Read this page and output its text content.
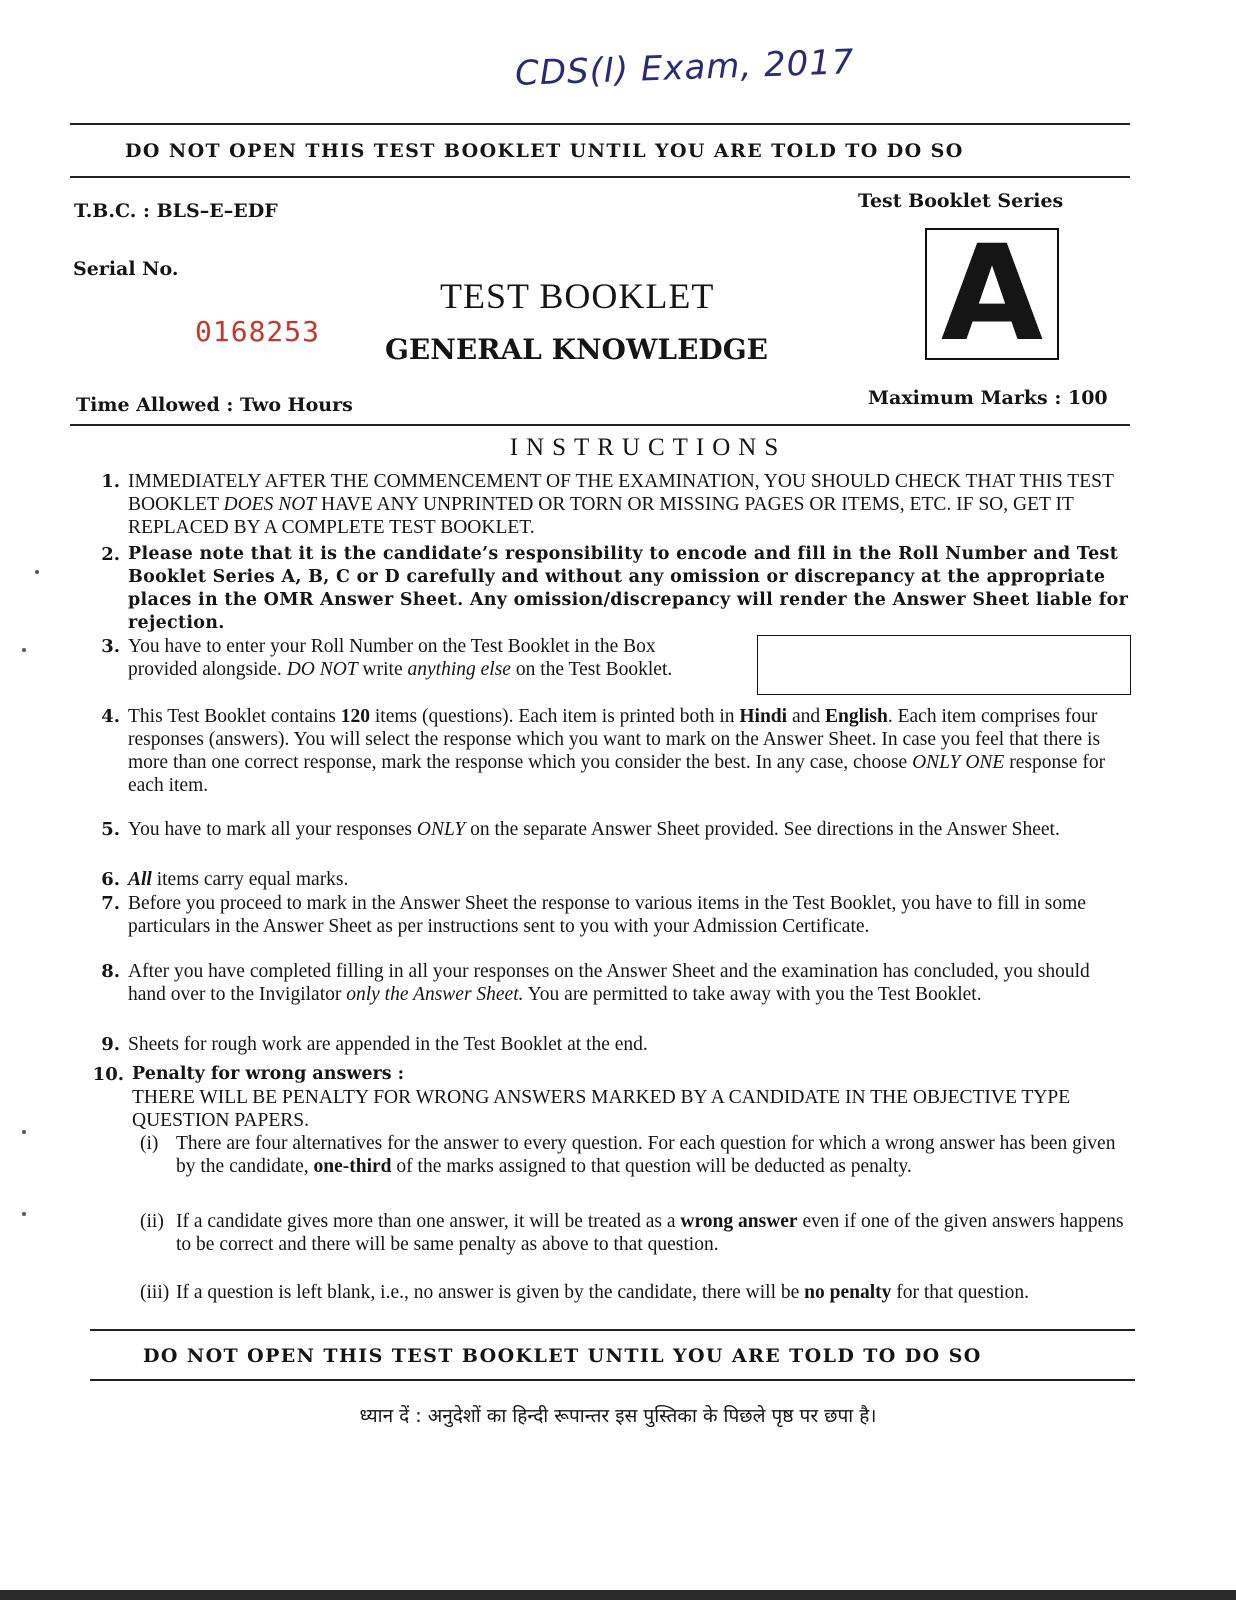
CDS(I) Exam, 2017
DO NOT OPEN THIS TEST BOOKLET UNTIL YOU ARE TOLD TO DO SO
T.B.C. : BLS–E–EDF	Test Booklet Series
A
Serial No.
0168253
TEST BOOKLET
GENERAL KNOWLEDGE
Time Allowed : Two Hours	Maximum Marks : 100
INSTRUCTIONS
1. IMMEDIATELY AFTER THE COMMENCEMENT OF THE EXAMINATION, YOU SHOULD CHECK THAT THIS TEST BOOKLET DOES NOT HAVE ANY UNPRINTED OR TORN OR MISSING PAGES OR ITEMS, ETC. IF SO, GET IT REPLACED BY A COMPLETE TEST BOOKLET.
2. Please note that it is the candidate’s responsibility to encode and fill in the Roll Number and Test Booklet Series A, B, C or D carefully and without any omission or discrepancy at the appropriate places in the OMR Answer Sheet. Any omission/discrepancy will render the Answer Sheet liable for rejection.
3. You have to enter your Roll Number on the Test Booklet in the Box provided alongside. DO NOT write anything else on the Test Booklet.
4. This Test Booklet contains 120 items (questions). Each item is printed both in Hindi and English. Each item comprises four responses (answers). You will select the response which you want to mark on the Answer Sheet. In case you feel that there is more than one correct response, mark the response which you consider the best. In any case, choose ONLY ONE response for each item.
5. You have to mark all your responses ONLY on the separate Answer Sheet provided. See directions in the Answer Sheet.
6. All items carry equal marks.
7. Before you proceed to mark in the Answer Sheet the response to various items in the Test Booklet, you have to fill in some particulars in the Answer Sheet as per instructions sent to you with your Admission Certificate.
8. After you have completed filling in all your responses on the Answer Sheet and the examination has concluded, you should hand over to the Invigilator only the Answer Sheet. You are permitted to take away with you the Test Booklet.
9. Sheets for rough work are appended in the Test Booklet at the end.
10. Penalty for wrong answers :
THERE WILL BE PENALTY FOR WRONG ANSWERS MARKED BY A CANDIDATE IN THE OBJECTIVE TYPE QUESTION PAPERS.
(i) There are four alternatives for the answer to every question. For each question for which a wrong answer has been given by the candidate, one-third of the marks assigned to that question will be deducted as penalty.
(ii) If a candidate gives more than one answer, it will be treated as a wrong answer even if one of the given answers happens to be correct and there will be same penalty as above to that question.
(iii) If a question is left blank, i.e., no answer is given by the candidate, there will be no penalty for that question.
DO NOT OPEN THIS TEST BOOKLET UNTIL YOU ARE TOLD TO DO SO
ध्यान दें : अनुदेशों का हिन्दी रूपान्तर इस पुस्तिका के पिछले पृष्ठ पर छपा है।
